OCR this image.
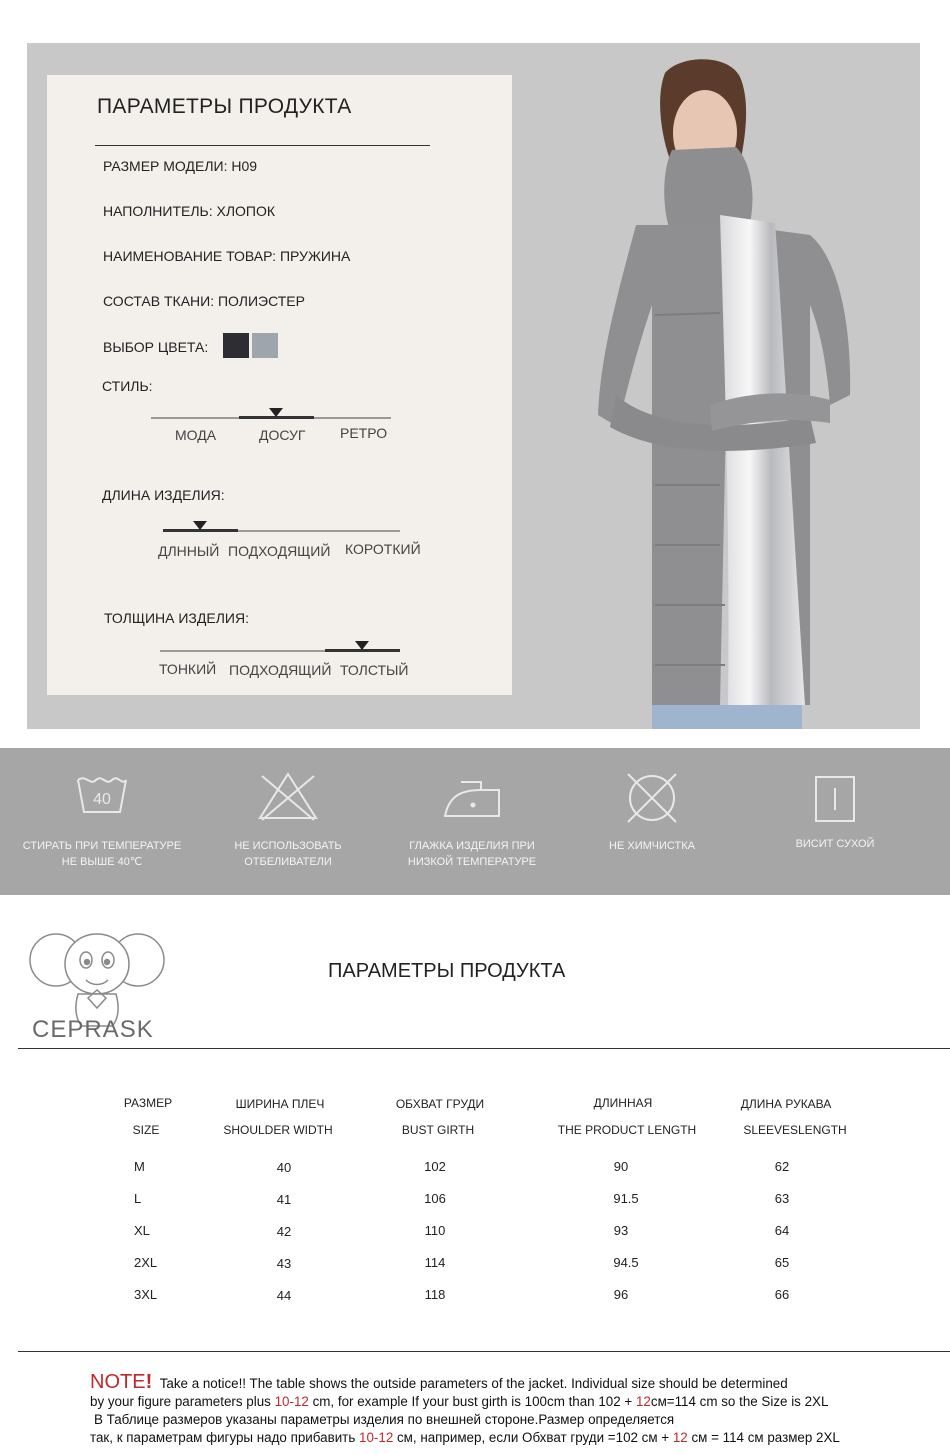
ПАРАМЕТРЫ ПРОДУКТА
РАЗМЕР МОДЕЛИ: H09
НАПОЛНИТЕЛЬ: ХЛОПОК
НАИМЕНОВАНИЕ ТОВАР: ПРУЖИНА
СОСТАВ ТКАНИ: ПОЛИЭСТЕР
ВЫБОР ЦВЕТА:
СТИЛЬ:
МОДА	ДОСУГ РЕТРО
ДЛИНА ИЗДЕЛИЯ:
ДЛННЫЙ ПОДХОДЯЩИЙ КОРОТКИЙ
ТОЛЩИНА ИЗДЕЛИЯ:
ТОНКИЙ ПОДХОДЯЩИЙ ТОЛСТЫЙ
40
СТИРАТЬ ПРИ ТЕМПЕРАТУРЕ
НЕ ВЫШЕ 40℃
НЕ ИСПОЛЬЗОВАТЬ
ОТБЕЛИВАТЕЛИ
ГЛАЖКА ИЗДЕЛИЯ ПРИ
НИЗКОЙ ТЕМПЕРАТУРЕ
НЕ ХИМЧИСТКА	ВИСИТ СУХОЙ
CEPRASK
ПАРАМЕТРЫ ПРОДУКТА
РАЗМЕР	ШИРИНА ПЛЕЧ	ОБХВАТ ГРУДИ	ДЛИННАЯ	ДЛИНА РУКАВА
SIZE	SHOULDER WIDTH	BUST GIRTH	THE PRODUCT LENGTH	SLEEVESLENGTH
M	40	102	90	62
L	41	106	91.5	63
XL	42	110	93	64
2XL	43	114	94.5	65
3XL	44	118	96	66
NOTE! Take a notice!! The table shows the outside parameters of the jacket. Individual size should be determined
by your figure parameters plus 10-12 cm, for example If your bust girth is 100cm than 102 + 12см=114 cm so the Size is 2XL
В Таблице размеров указаны параметры изделия по внешней стороне.Размер определяется
так, к параметрам фигуры надо прибавить 10-12 см, например, если Обхват груди =102 см + 12 см = 114 см размер 2XL
